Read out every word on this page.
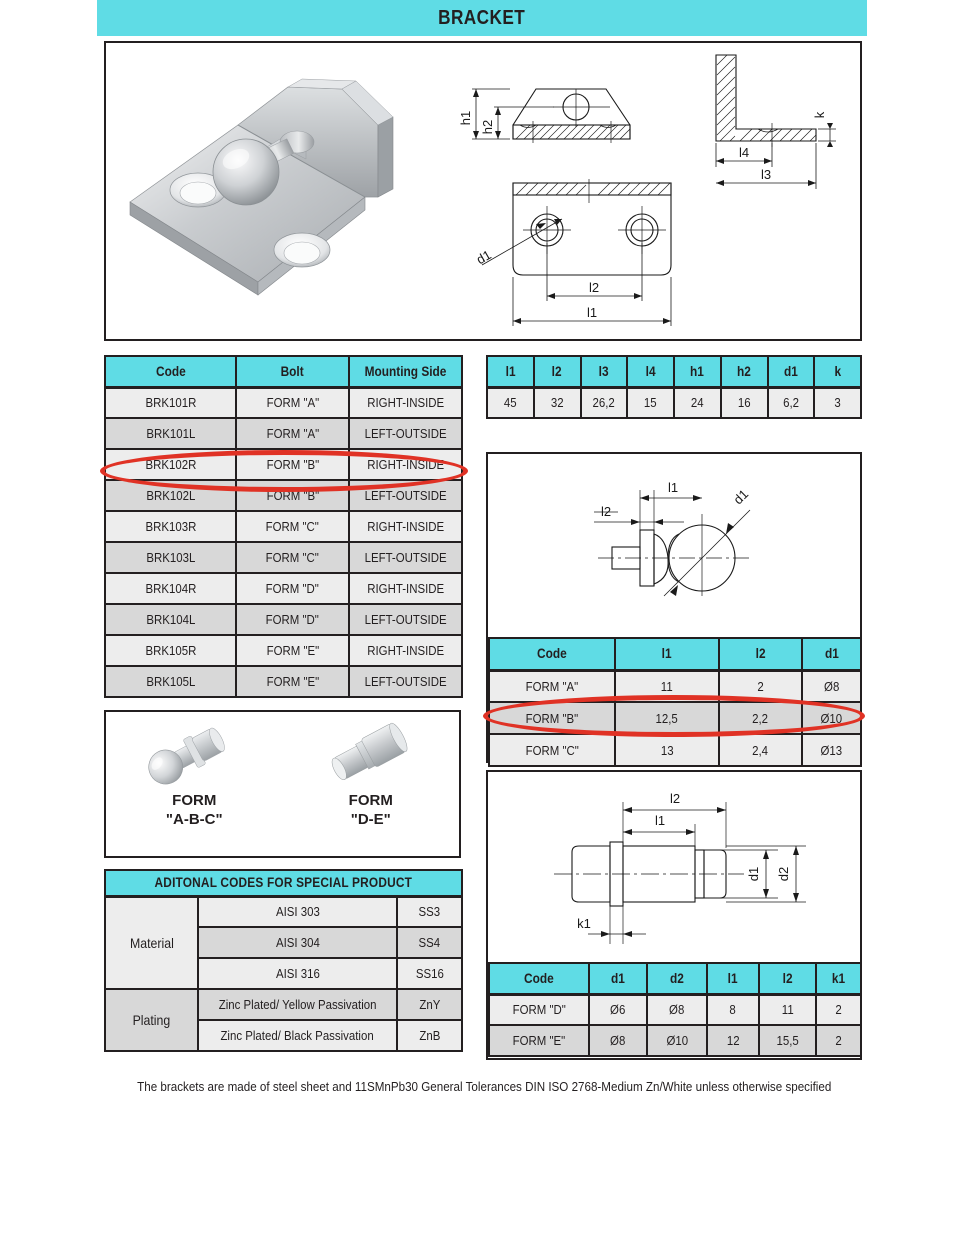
BRACKET
h1
h2
k
l4
l3
d1
l2
l1
Code	Bolt	Mounting Side
BRK101R	FORM "A"	RIGHT-INSIDE
BRK101L	FORM "A"	LEFT-OUTSIDE
BRK102R	FORM "B"	RIGHT-INSIDE
BRK102L	FORM "B"	LEFT-OUTSIDE
BRK103R	FORM "C"	RIGHT-INSIDE
BRK103L	FORM "C"	LEFT-OUTSIDE
BRK104R	FORM "D"	RIGHT-INSIDE
BRK104L	FORM "D"	LEFT-OUTSIDE
BRK105R	FORM "E"	RIGHT-INSIDE
BRK105L	FORM "E"	LEFT-OUTSIDE
l1	l2	l3	l4	h1	h2	d1	k
45	32	26,2	15	24	16	6,2	3
l1
l2
d1
Code	l1	l2	d1
FORM "A"	11	2	Ø8
FORM "B"	12,5	2,2	Ø10
FORM "C"	13	2,4	Ø13
l2
l1
d1 d2
k1
Code	d1	d2	l1	l2	k1
FORM "D"	Ø6	Ø8	8	11	2
FORM "E"	Ø8	Ø10	12	15,5	2
FORM
"A-B-C"
FORM
"D-E"
ADITONAL CODES FOR SPECIAL PRODUCT		
Material	AISI 303	SS3
	AISI 304	SS4
	AISI 316	SS16
Plating	Zinc Plated/ Yellow Passivation	ZnY
	Zinc Plated/ Black Passivation	ZnB
The brackets are made of steel sheet and 11SMnPb30 General Tolerances DIN ISO 2768-Medium Zn/White unless otherwise specified
